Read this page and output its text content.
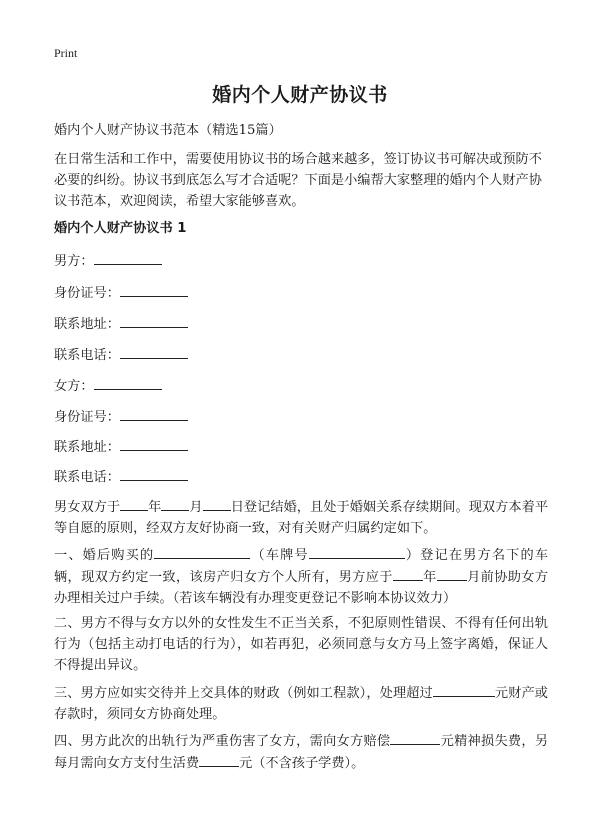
Print
婚内个人财产协议书

婚内个人财产协议书范本（精选15篇）

在日常生活和工作中，需要使用协议书的场合越来越多，签订协议书可解决或预防不必要的纠纷。协议书到底怎么写才合适呢？下面是小编帮大家整理的婚内个人财产协议书范本，欢迎阅读，希望大家能够喜欢。

婚内个人财产协议书 1

男方：
身份证号：
联系地址：
联系电话：
女方：
身份证号：
联系地址：
联系电话：

男女双方于 年 月 日登记结婚，且处于婚姻关系存续期间。现双方本着平等自愿的原则，经双方友好协商一致，对有关财产归属约定如下。

一、婚后购买的	（车牌号	）登记在男方名下的车辆，现双方约定一致，该房产归女方个人所有，男方应于 年 月前协助女方办理相关过户手续。（若该车辆没有办理变更登记不影响本协议效力）

二、男方不得与女方以外的女性发生不正当关系，不犯原则性错误、不得有任何出轨行为（包括主动打电话的行为），如若再犯，必须同意与女方马上签字离婚，保证人不得提出异议。

三、男方应如实交待并上交具体的财政（例如工程款），处理超过	元财产或存款时，须同女方协商处理。

四、男方此次的出轨行为严重伤害了女方，需向女方赔偿	元精神损失费，另每月需向女方支付生活费	元（不含孩子学费）。
